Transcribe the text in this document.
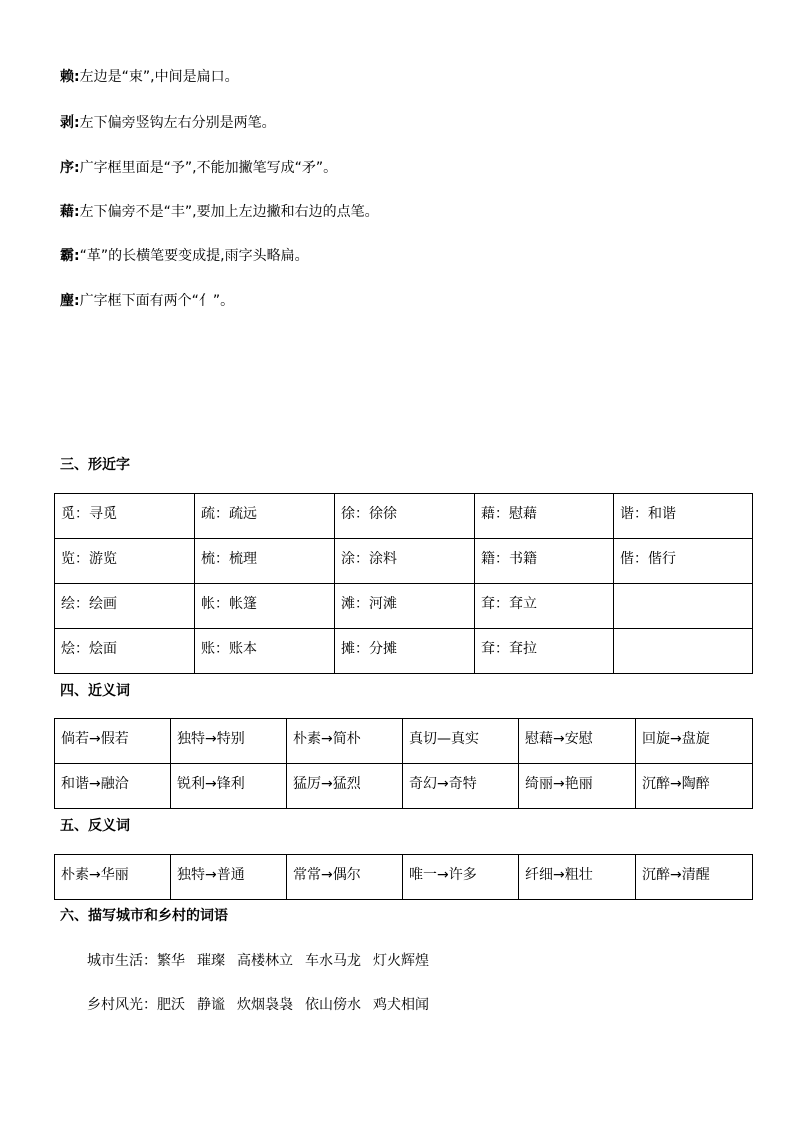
赖:左边是“束”,中间是扁口。
剥:左下偏旁竖钩左右分别是两笔。
序:广字框里面是“予”,不能加撇笔写成“矛”。
藉:左下偏旁不是“丰”,要加上左边撇和右边的点笔。
霸:“革”的长横笔要变成提,雨字头略扁。
麈:广字框下面有两个“亻”。
三、形近字
觅：寻觅	疏：疏远	徐：徐徐	藉：慰藉	谐：和谐
览：游览	梳：梳理	涂：涂料	籍：书籍	偕：偕行
绘：绘画	帐：帐篷	滩：河滩	耷：耷立	
烩：烩面	账：账本	摊：分摊	耷：耷拉	
四、近义词
倘若→假若	独特→特别	朴素→简朴	真切—真实	慰藉→安慰	回旋→盘旋
和谐→融洽	锐利→锋利	猛厉→猛烈	奇幻→奇特	绮丽→艳丽	沉醉→陶醉
五、反义词
朴素→华丽	独特→普通	常常→偶尔	唯一→许多	纤细→粗壮	沉醉→清醒
六、描写城市和乡村的词语
城市生活：繁华 璀璨 高楼林立 车水马龙 灯火辉煌
乡村风光：肥沃 静谧 炊烟袅袅 依山傍水 鸡犬相闻
